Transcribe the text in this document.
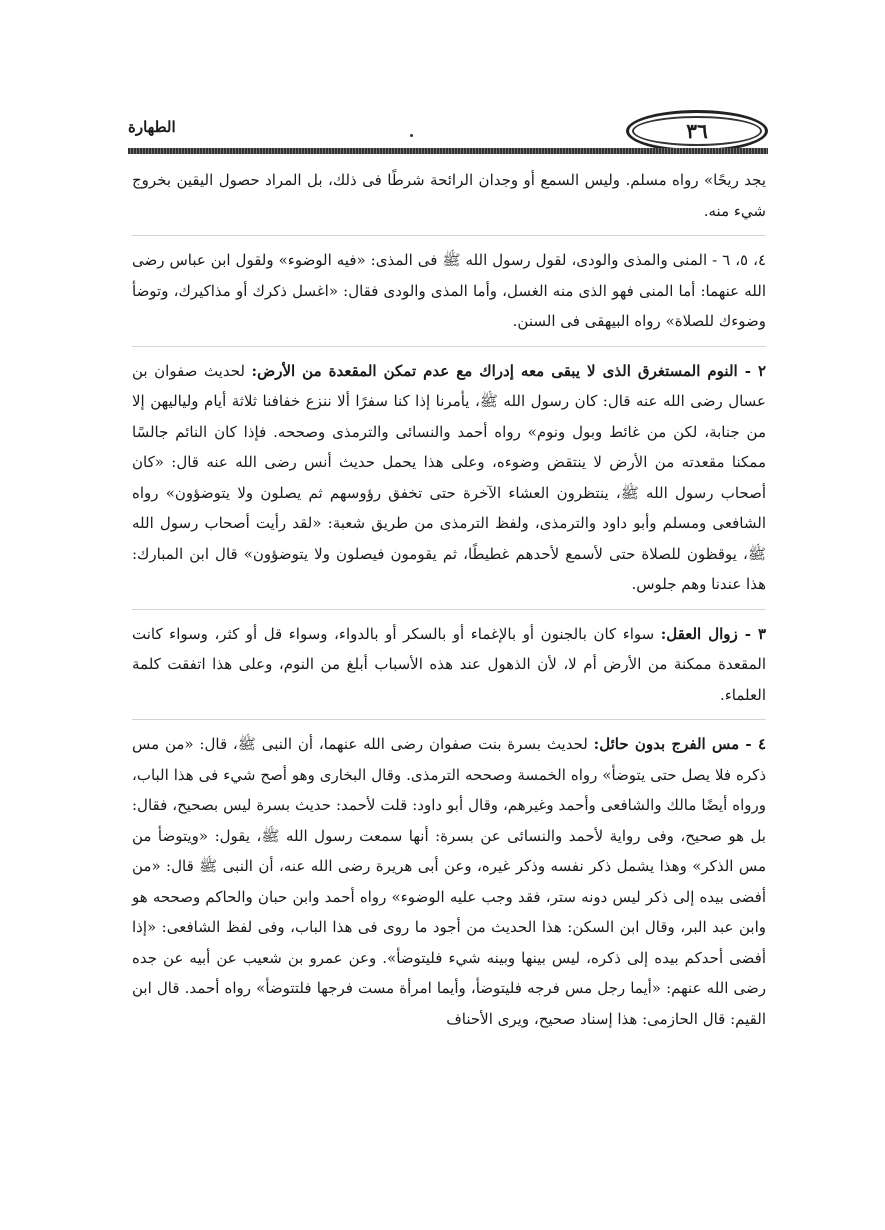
الطهارة	٣٦

يجد ريحًا» رواه مسلم. وليس السمع أو وجدان الرائحة شرطًا فى ذلك، بل المراد حصول اليقين بخروج شيء منه.

٤، ٥، ٦ - المنى والمذى والودى، لقول رسول الله ﷺ فى المذى: «فيه الوضوء» ولقول ابن عباس رضى الله عنهما: أما المنى فهو الذى منه الغسل، وأما المذى والودى فقال: «اغسل ذكرك أو مذاكيرك، وتوضأ وضوءك للصلاة» رواه البيهقى فى السنن.

٢ - النوم المستغرق الذى لا يبقى معه إدراك مع عدم تمكن المقعدة من الأرض: لحديث صفوان بن عسال رضى الله عنه قال: كان رسول الله ﷺ، يأمرنا إذا كنا سفرًا ألا ننزع خفافنا ثلاثة أيام ولياليهن إلا من جنابة، لكن من غائط وبول ونوم» رواه أحمد والنسائى والترمذى وصححه. فإذا كان النائم جالسًا ممكنا مقعدته من الأرض لا ينتقض وضوءه، وعلى هذا يحمل حديث أنس رضى الله عنه قال: «كان أصحاب رسول الله ﷺ، ينتظرون العشاء الآخرة حتى تخفق رؤوسهم ثم يصلون ولا يتوضؤون» رواه الشافعى ومسلم وأبو داود والترمذى، ولفظ الترمذى من طريق شعبة: «لقد رأيت أصحاب رسول الله ﷺ، يوقظون للصلاة حتى لأسمع لأحدهم غطيطًا، ثم يقومون فيصلون ولا يتوضؤون» قال ابن المبارك: هذا عندنا وهم جلوس.

٣ - زوال العقل: سواء كان بالجنون أو بالإغماء أو بالسكر أو بالدواء، وسواء قل أو كثر، وسواء كانت المقعدة ممكنة من الأرض أم لا، لأن الذهول عند هذه الأسباب أبلغ من النوم، وعلى هذا اتفقت كلمة العلماء.

٤ - مس الفرج بدون حائل: لحديث بسرة بنت صفوان رضى الله عنهما، أن النبى ﷺ، قال: «من مس ذكره فلا يصل حتى يتوضأ» رواه الخمسة وصححه الترمذى. وقال البخارى وهو أصح شيء فى هذا الباب، ورواه أيضًا مالك والشافعى وأحمد وغيرهم، وقال أبو داود: قلت لأحمد: حديث بسرة ليس بصحيح، فقال: بل هو صحيح، وفى رواية لأحمد والنسائى عن بسرة: أنها سمعت رسول الله ﷺ، يقول: «ويتوضأ من مس الذكر» وهذا يشمل ذكر نفسه وذكر غيره، وعن أبى هريرة رضى الله عنه، أن النبى ﷺ قال: «من أفضى بيده إلى ذكر ليس دونه ستر، فقد وجب عليه الوضوء» رواه أحمد وابن حبان والحاكم وصححه هو وابن عبد البر، وقال ابن السكن: هذا الحديث من أجود ما روى فى هذا الباب، وفى لفظ الشافعى: «إذا أفضى أحدكم بيده إلى ذكره، ليس بينها وبينه شيء فليتوضأ». وعن عمرو بن شعيب عن أبيه عن جده رضى الله عنهم: «أيما رجل مس فرجه فليتوضأ، وأيما امرأة مست فرجها فلتتوضأ» رواه أحمد. قال ابن القيم: قال الحازمى: هذا إسناد صحيح، ويرى الأحناف
